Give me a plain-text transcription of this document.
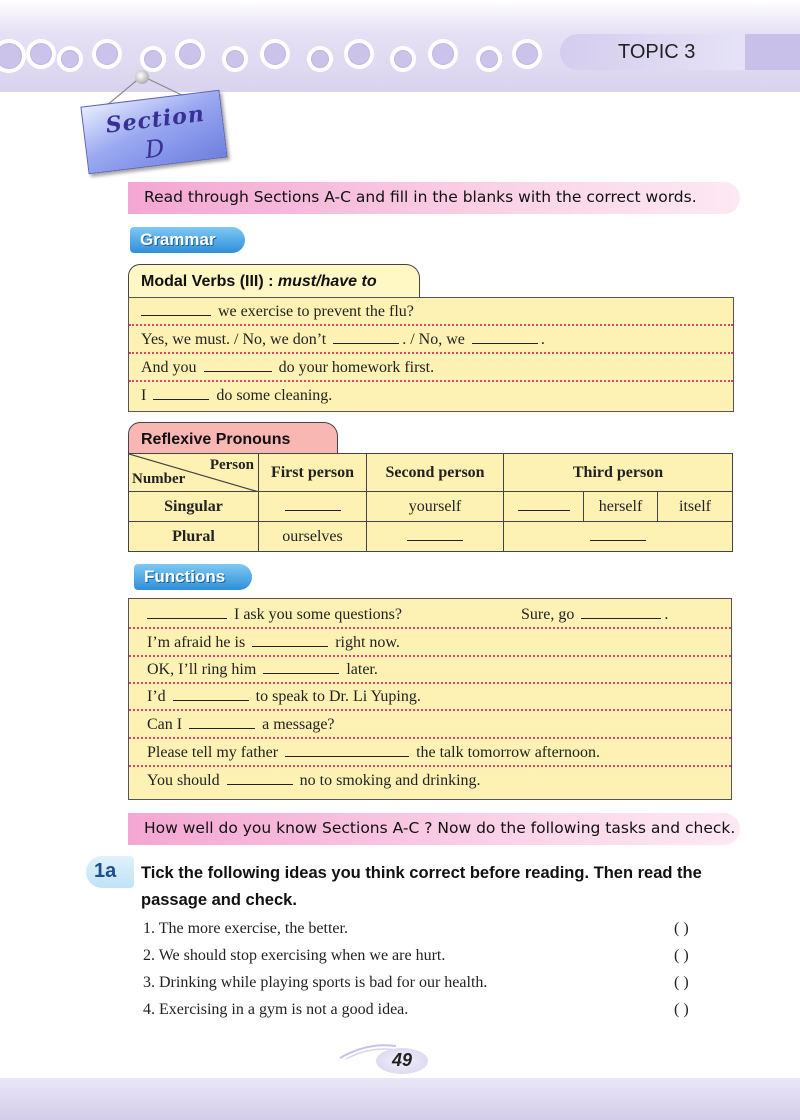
TOPIC 3
Section
D
Read through Sections A-C and fill in the blanks with the correct words.
Grammar
Modal Verbs (III) : must/have to
we exercise to prevent the flu?
Yes, we must. / No, we don’t	. / No, we	.
And you	do your homework first.
I	do some cleaning.
Reflexive Pronouns
Person
Number	First person	Second person	Third person		
Singular		yourself		herself	itself
Plural	ourselves				
Functions
I ask you some questions?	Sure, go	.
I’m afraid he is	right now.
OK, I’ll ring him	later.
I’d	to speak to Dr. Li Yuping.
Can I	a message?
Please tell my father	the talk tomorrow afternoon.
You should	no to smoking and drinking.
How well do you know Sections A-C ? Now do the following tasks and check.
1a	Tick the following ideas you think correct before reading. Then read the passage and check.
1. The more exercise, the better.	( )
2. We should stop exercising when we are hurt.	( )
3. Drinking while playing sports is bad for our health.	( )
4. Exercising in a gym is not a good idea.	( )
49
